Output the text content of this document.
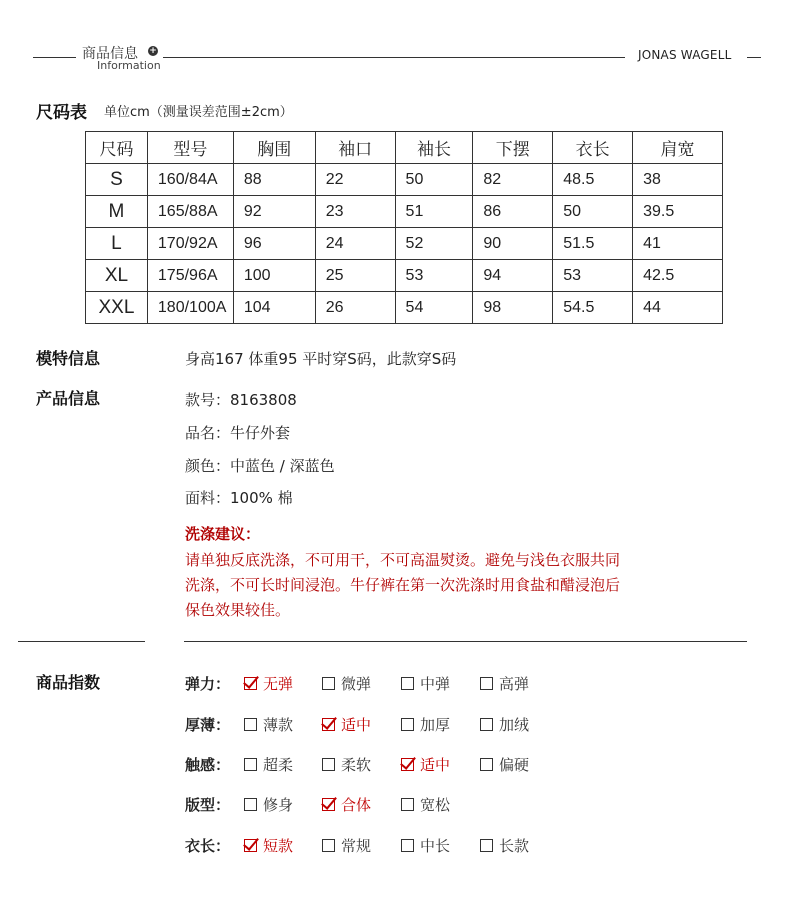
商品信息 +
Information
JONAS WAGELL
尺码表 单位cm（测量误差范围±2cm）
尺码	型号	胸围	袖口	袖长	下摆	衣长	肩宽
S	160/84A	88	22	50	82	48.5	38
M	165/88A	92	23	51	86	50	39.5
L	170/92A	96	24	52	90	51.5	41
XL	175/96A	100	25	53	94	53	42.5
XXL	180/100A	104	26	54	98	54.5	44
模特信息	身高167 体重95 平时穿S码，此款穿S码
产品信息	款号：8163808
品名：牛仔外套
颜色：中蓝色 / 深蓝色
面料：100% 棉
洗涤建议：
请单独反底洗涤，不可用干，不可高温熨烫。避免与浅色衣服共同
洗涤，不可长时间浸泡。牛仔裤在第一次洗涤时用食盐和醋浸泡后
保色效果较佳。
商品指数	弹力： 无弹	微弹	中弹	高弹
厚薄： 薄款	适中	加厚	加绒
触感： 超柔	柔软	适中	偏硬
版型： 修身	合体	宽松
衣长： 短款	常规	中长	长款
